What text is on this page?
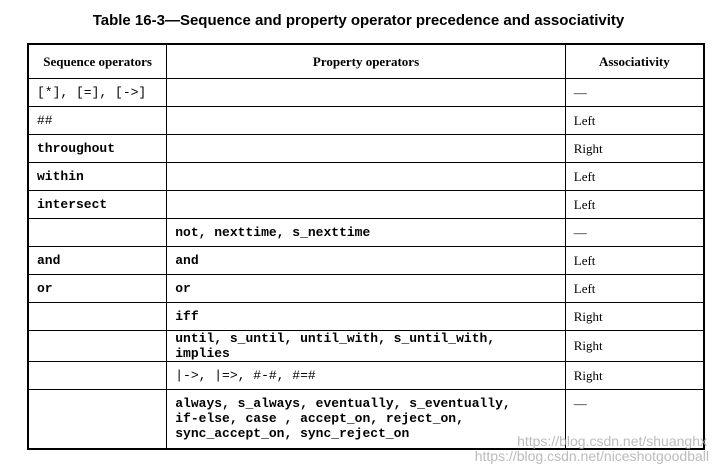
Table 16-3—Sequence and property operator precedence and associativity
Sequence operators	Property operators	Associativity
[*], [=], [->]		—
##		Left
throughout		Right
within		Left
intersect		Left
	not, nexttime, s_nexttime	—
and	and	Left
or	or	Left
	iff	Right
	until, s_until, until_with, s_until_with, implies	Right
	|->, |=>, #-#, #=#	Right

	always, s_always, eventually, s_eventually,
if-else, case , accept_on, reject_on,
sync_accept_on, sync_reject_on	—
https://blog.csdn.net/shuanghx
https://blog.csdn.net/niceshotgoodball
